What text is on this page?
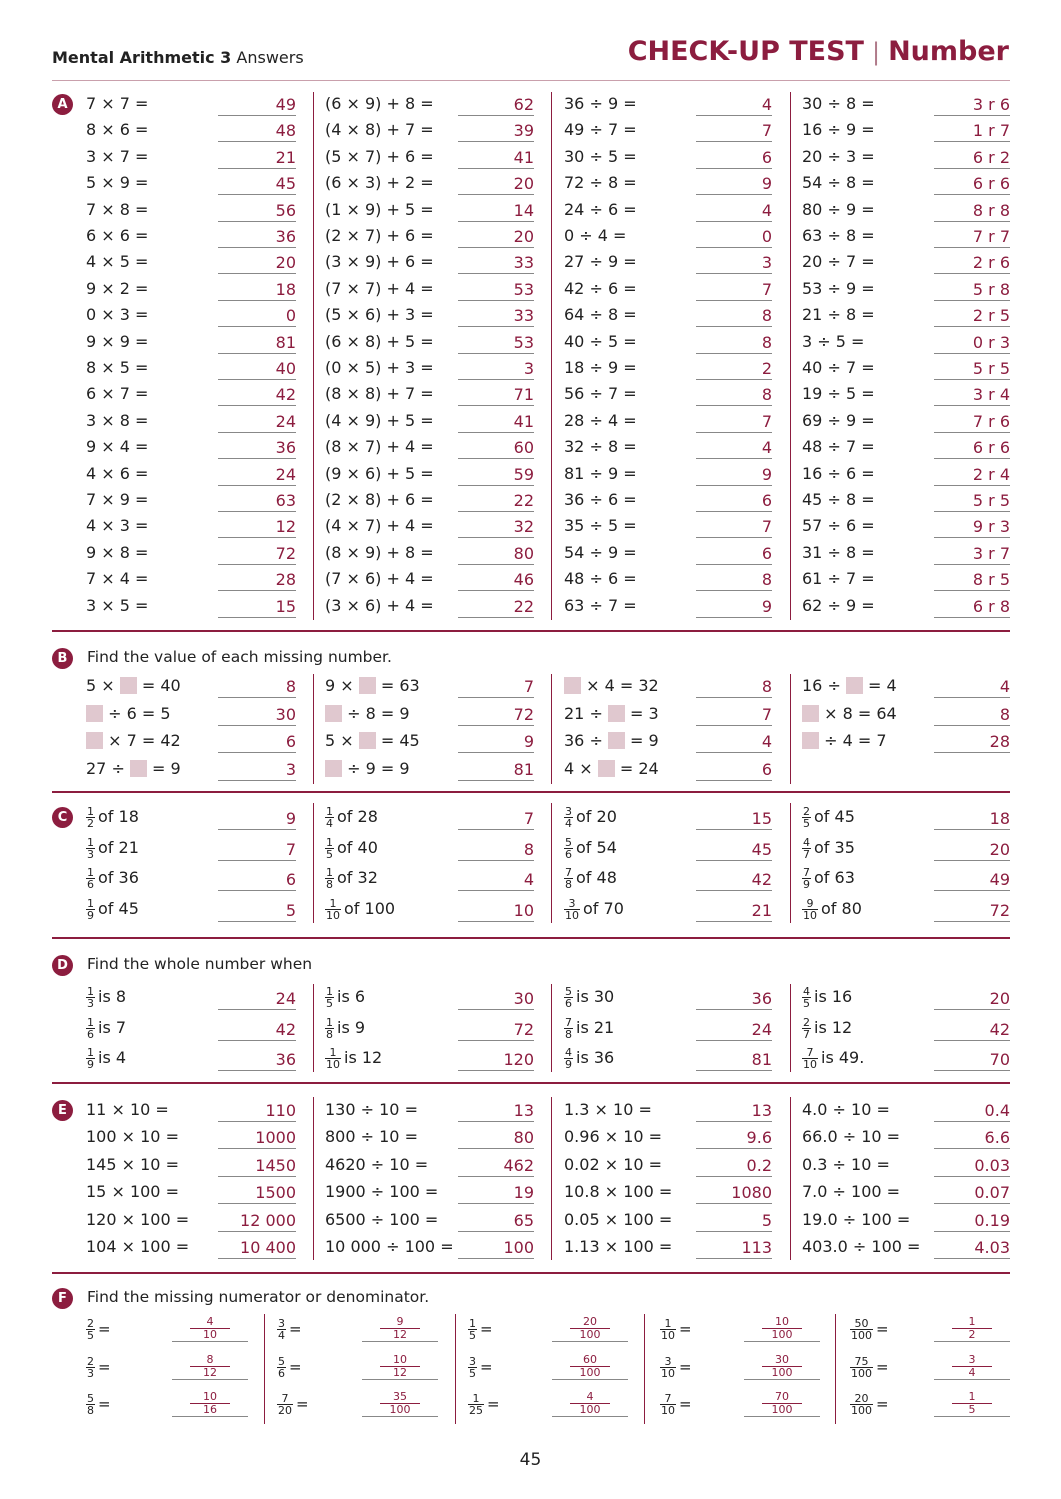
Mental Arithmetic 3 Answers	CHECK-UP TEST | Number
A	7 × 7 =	49
8 × 6 =	48
3 × 7 =	21
5 × 9 =	45
7 × 8 =	56
6 × 6 =	36
4 × 5 =	20
9 × 2 =	18
0 × 3 =	0
9 × 9 =	81
8 × 5 =	40
6 × 7 =	42
3 × 8 =	24
9 × 4 =	36
4 × 6 =	24
7 × 9 =	63
4 × 3 =	12
9 × 8 =	72
7 × 4 =	28
3 × 5 =	15
(6 × 9) + 8 =	62
(4 × 8) + 7 =	39
(5 × 7) + 6 =	41
(6 × 3) + 2 =	20
(1 × 9) + 5 =	14
(2 × 7) + 6 =	20
(3 × 9) + 6 =	33
(7 × 7) + 4 =	53
(5 × 6) + 3 =	33
(6 × 8) + 5 =	53
(0 × 5) + 3 =	3
(8 × 8) + 7 =	71
(4 × 9) + 5 =	41
(8 × 7) + 4 =	60
(9 × 6) + 5 =	59
(2 × 8) + 6 =	22
(4 × 7) + 4 =	32
(8 × 9) + 8 =	80
(7 × 6) + 4 =	46
(3 × 6) + 4 =	22
36 ÷ 9 =	4
49 ÷ 7 =	7
30 ÷ 5 =	6
72 ÷ 8 =	9
24 ÷ 6 =	4
0 ÷ 4 =	0
27 ÷ 9 =	3
42 ÷ 6 =	7
64 ÷ 8 =	8
40 ÷ 5 =	8
18 ÷ 9 =	2
56 ÷ 7 =	8
28 ÷ 4 =	7
32 ÷ 8 =	4
81 ÷ 9 =	9
36 ÷ 6 =	6
35 ÷ 5 =	7
54 ÷ 9 =	6
48 ÷ 6 =	8
63 ÷ 7 =	9
30 ÷ 8 =	3 r 6
16 ÷ 9 =	1 r 7
20 ÷ 3 =	6 r 2
54 ÷ 8 =	6 r 6
80 ÷ 9 =	8 r 8
63 ÷ 8 =	7 r 7
20 ÷ 7 =	2 r 6
53 ÷ 9 =	5 r 8
21 ÷ 8 =	2 r 5
3 ÷ 5 =	0 r 3
40 ÷ 7 =	5 r 5
19 ÷ 5 =	3 r 4
69 ÷ 9 =	7 r 6
48 ÷ 7 =	6 r 6
16 ÷ 6 =	2 r 4
45 ÷ 8 =	5 r 5
57 ÷ 6 =	9 r 3
31 ÷ 8 =	3 r 7
61 ÷ 7 =	8 r 5
62 ÷ 9 =	6 r 8
B	Find the value of each missing number.
5 ×  = 40	8
÷ 6 = 5	30
× 7 = 42	6
27 ÷  = 9	3
9 ×  = 63	7
÷ 8 = 9	72
5 ×  = 45	9
÷ 9 = 9	81
× 4 = 32	8
21 ÷  = 3	7
36 ÷  = 9	4
4 ×  = 24	6
16 ÷  = 4	4
× 8 = 64	8
÷ 4 = 7	28
C	$\frac{1}{2}$ of 18	9
$\frac{1}{3}$ of 21	7
$\frac{1}{6}$ of 36	6
$\frac{1}{9}$ of 45	5
$\frac{1}{4}$ of 28	7
$\frac{1}{5}$ of 40	8
$\frac{1}{8}$ of 32	4
$\frac{1}{10}$ of 100	10
$\frac{3}{4}$ of 20	15
$\frac{5}{6}$ of 54	45
$\frac{7}{8}$ of 48	42
$\frac{3}{10}$ of 70	21
$\frac{2}{5}$ of 45	18
$\frac{4}{7}$ of 35	20
$\frac{7}{9}$ of 63	49
$\frac{9}{10}$ of 80	72
D	Find the whole number when
$\frac{1}{3}$ is 8	24
$\frac{1}{6}$ is 7	42
$\frac{1}{9}$ is 4	36
$\frac{1}{5}$ is 6	30
$\frac{1}{8}$ is 9	72
$\frac{1}{10}$ is 12	120
$\frac{5}{6}$ is 30	36
$\frac{7}{8}$ is 21	24
$\frac{4}{9}$ is 36	81
$\frac{4}{5}$ is 16	20
$\frac{2}{7}$ is 12	42
$\frac{7}{10}$ is 49.	70
E	11 × 10 =	110
100 × 10 =	1000
145 × 10 =	1450
15 × 100 =	1500
120 × 100 =	12 000
104 × 100 =	10 400
130 ÷ 10 =	13
800 ÷ 10 =	80
4620 ÷ 10 =	462
1900 ÷ 100 =	19
6500 ÷ 100 =	65
10 000 ÷ 100 =	100
1.3 × 10 =	13
0.96 × 10 =	9.6
0.02 × 10 =	0.2
10.8 × 100 =	1080
0.05 × 100 =	5
1.13 × 100 =	113
4.0 ÷ 10 =	0.4
66.0 ÷ 10 =	6.6
0.3 ÷ 10 =	0.03
7.0 ÷ 100 =	0.07
19.0 ÷ 100 =	0.19
403.0 ÷ 100 =	4.03
F	Find the missing numerator or denominator.
$\frac{2}{5}$ =	4
10
$\frac{2}{3}$ =	8
12
$\frac{5}{8}$ =	10
16
$\frac{3}{4}$ =	9
12
$\frac{5}{6}$ =	10
12
$\frac{7}{20}$ =	35
100
$\frac{1}{5}$ =	20
100
$\frac{3}{5}$ =	60
100
$\frac{1}{25}$ =	4
100
$\frac{1}{10}$ =	10
100
$\frac{3}{10}$ =	30
100
$\frac{7}{10}$ =	70
100
$\frac{50}{100}$ =	1
2
$\frac{75}{100}$ =	3
4
$\frac{20}{100}$ =	1
5
45
